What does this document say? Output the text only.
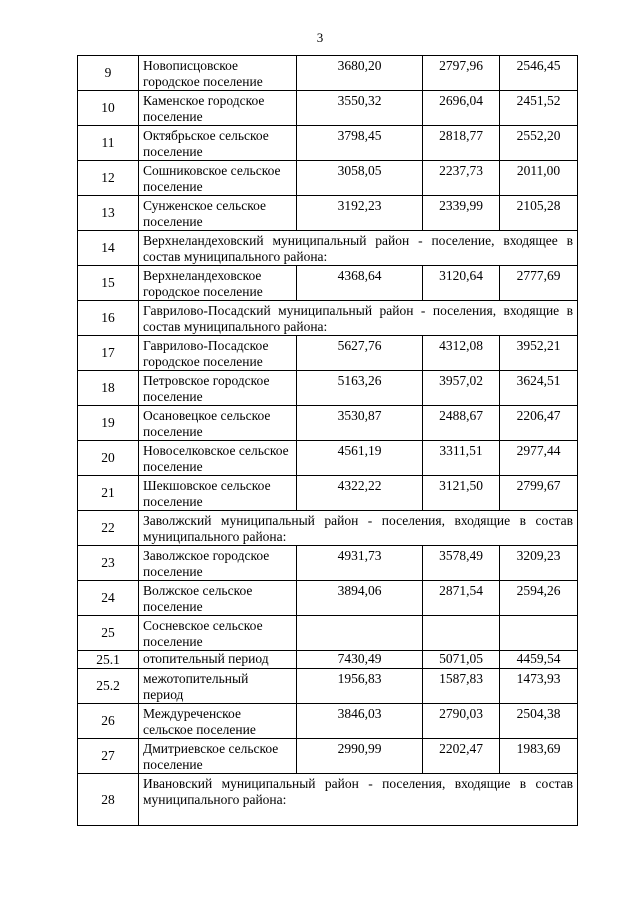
3
9	Новописцовское городское поселение	3680,20	2797,96	2546,45
10	Каменское городское поселение	3550,32	2696,04	2451,52
11	Октябрьское сельское поселение	3798,45	2818,77	2552,20
12	Сошниковское сельское поселение	3058,05	2237,73	2011,00
13	Сунженское сельское поселение	3192,23	2339,99	2105,28
14	Верхнеландеховский муниципальный район - поселение, входящее в состав муниципального района:			
15	Верхнеландеховское городское поселение	4368,64	3120,64	2777,69
16	Гаврилово-Посадский муниципальный район - поселения, входящие в состав муниципального района:			
17	Гаврилово-Посадское городское поселение	5627,76	4312,08	3952,21
18	Петровское городское поселение	5163,26	3957,02	3624,51
19	Осановецкое сельское поселение	3530,87	2488,67	2206,47
20	Новоселковское сельское поселение	4561,19	3311,51	2977,44
21	Шекшовское сельское поселение	4322,22	3121,50	2799,67
22	Заволжский муниципальный район - поселения, входящие в состав муниципального района:			
23	Заволжское городское поселение	4931,73	3578,49	3209,23
24	Волжское сельское поселение	3894,06	2871,54	2594,26
25	Сосневское сельское поселение			
25.1	отопительный период	7430,49	5071,05	4459,54
25.2	межотопительный период	1956,83	1587,83	1473,93
26	Междуреченское сельское поселение	3846,03	2790,03	2504,38
27	Дмитриевское сельское поселение	2990,99	2202,47	1983,69
28	Ивановский муниципальный район - поселения, входящие в состав муниципального района:			
